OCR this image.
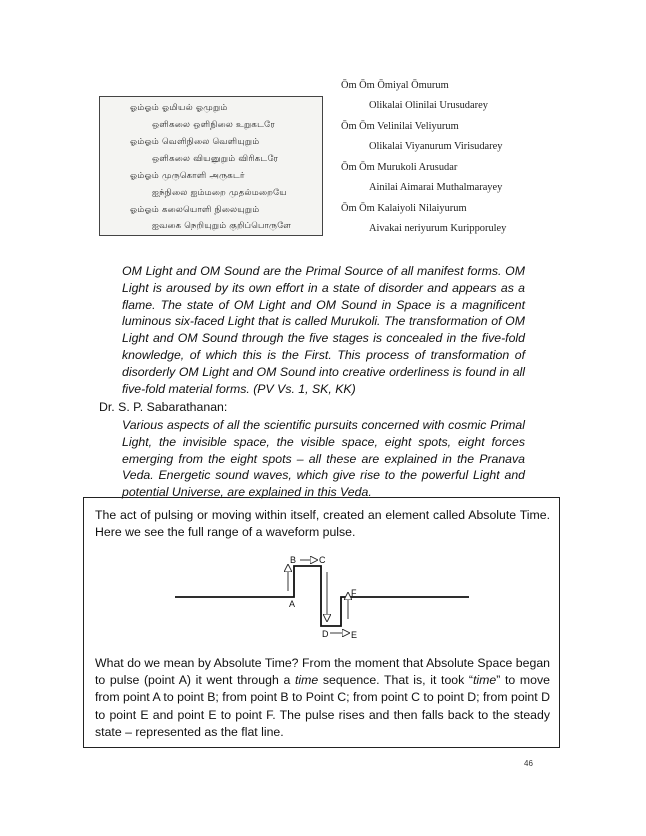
ஓம்ஓம் ஓமியல் ஓமுறும்
ஒளிகலை ஒளிநிலை உறுகடரே
ஓம்ஓம் வெளிநிலை வெளியுறும்
ஒளிகலை வியனுறும் விரிகடரே
ஓம்ஓம் முருகொளி அருகடர்
ஐந்நிலை ஐம்மறை முதல்மறையே
ஓம்ஓம் கலையொளி நிலையுறும்
ஐவகை நெறியுறும் குறிப்பொருளே
Ōm Ōm Ōmiyal Ōmurum
Olikalai Olinilai Urusudarey
Ōm Ōm Velinilai Veliyurum
Olikalai Viyanurum Virisudarey
Ōm Ōm Murukoli Arusudar
Ainilai Aimarai Muthalmarayey
Ōm Ōm Kalaiyoli Nilaiyurum
Aivakai neriyurum Kuripporuley
OM Light and OM Sound are the Primal Source of all manifest forms. OM Light is aroused by its own effort in a state of disorder and appears as a flame. The state of OM Light and OM Sound in Space is a magnificent luminous six-faced Light that is called Murukoli. The transformation of OM Light and OM Sound through the five stages is concealed in the five-fold knowledge, of which this is the First. This process of transformation of disorderly OM Light and OM Sound into creative orderliness is found in all five-fold material forms. (PV Vs. 1, SK, KK)
Dr. S. P. Sabarathanan:
Various aspects of all the scientific pursuits concerned with cosmic Primal Light, the invisible space, the visible space, eight spots, eight forces emerging from the eight spots – all these are explained in the Pranava Veda. Energetic sound waves, which give rise to the powerful Light and potential Universe, are explained in this Veda.
The act of pulsing or moving within itself, created an element called Absolute Time. Here we see the full range of a waveform pulse.
A
B	C
D	E
F
What do we mean by Absolute Time? From the moment that Absolute Space began to pulse (point A) it went through a time sequence. That is, it took “time” to move from point A to point B; from point B to Point C; from point C to point D; from point D to point E and point E to point F. The pulse rises and then falls back to the steady state – represented as the flat line.
46
